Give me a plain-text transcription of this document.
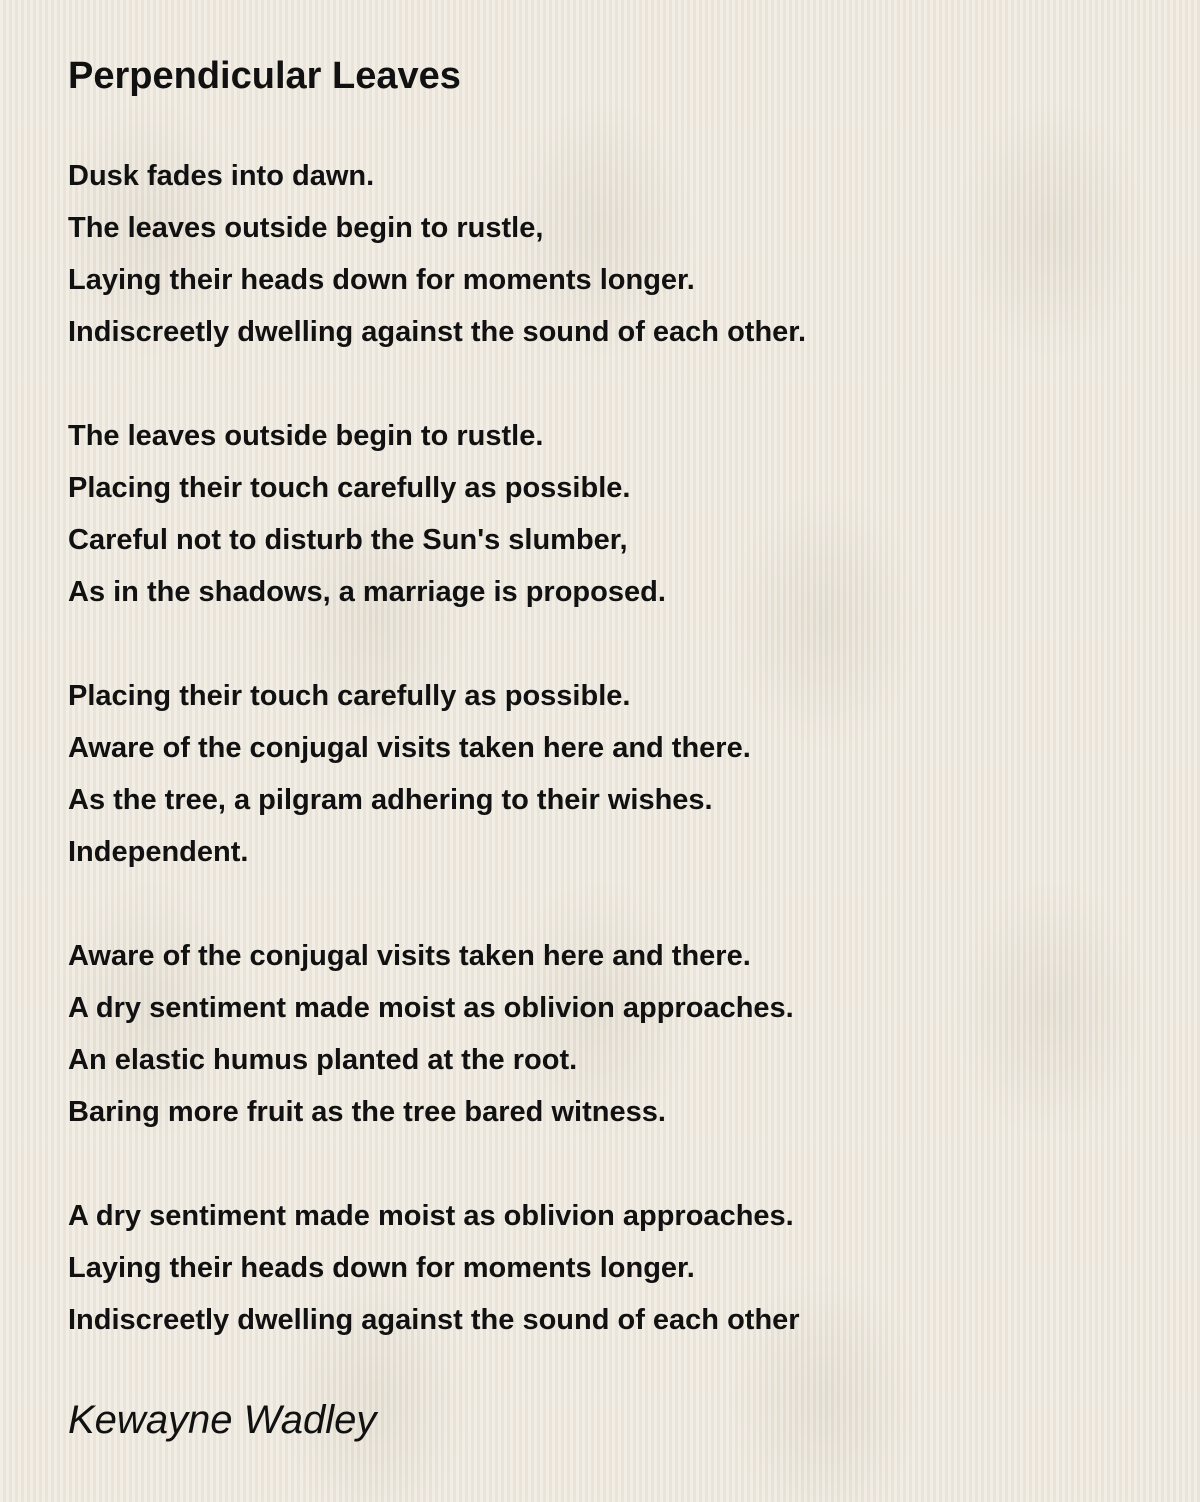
Perpendicular Leaves
Dusk fades into dawn.
The leaves outside begin to rustle,
Laying their heads down for moments longer.
Indiscreetly dwelling against the sound of each other.
The leaves outside begin to rustle.
Placing their touch carefully as possible.
Careful not to disturb the Sun's slumber,
As in the shadows, a marriage is proposed.
Placing their touch carefully as possible.
Aware of the conjugal visits taken here and there.
As the tree, a pilgram adhering to their wishes.
Independent.
Aware of the conjugal visits taken here and there.
A dry sentiment made moist as oblivion approaches.
An elastic humus planted at the root.
Baring more fruit as the tree bared witness.
A dry sentiment made moist as oblivion approaches.
Laying their heads down for moments longer.
Indiscreetly dwelling against the sound of each other
Kewayne Wadley
